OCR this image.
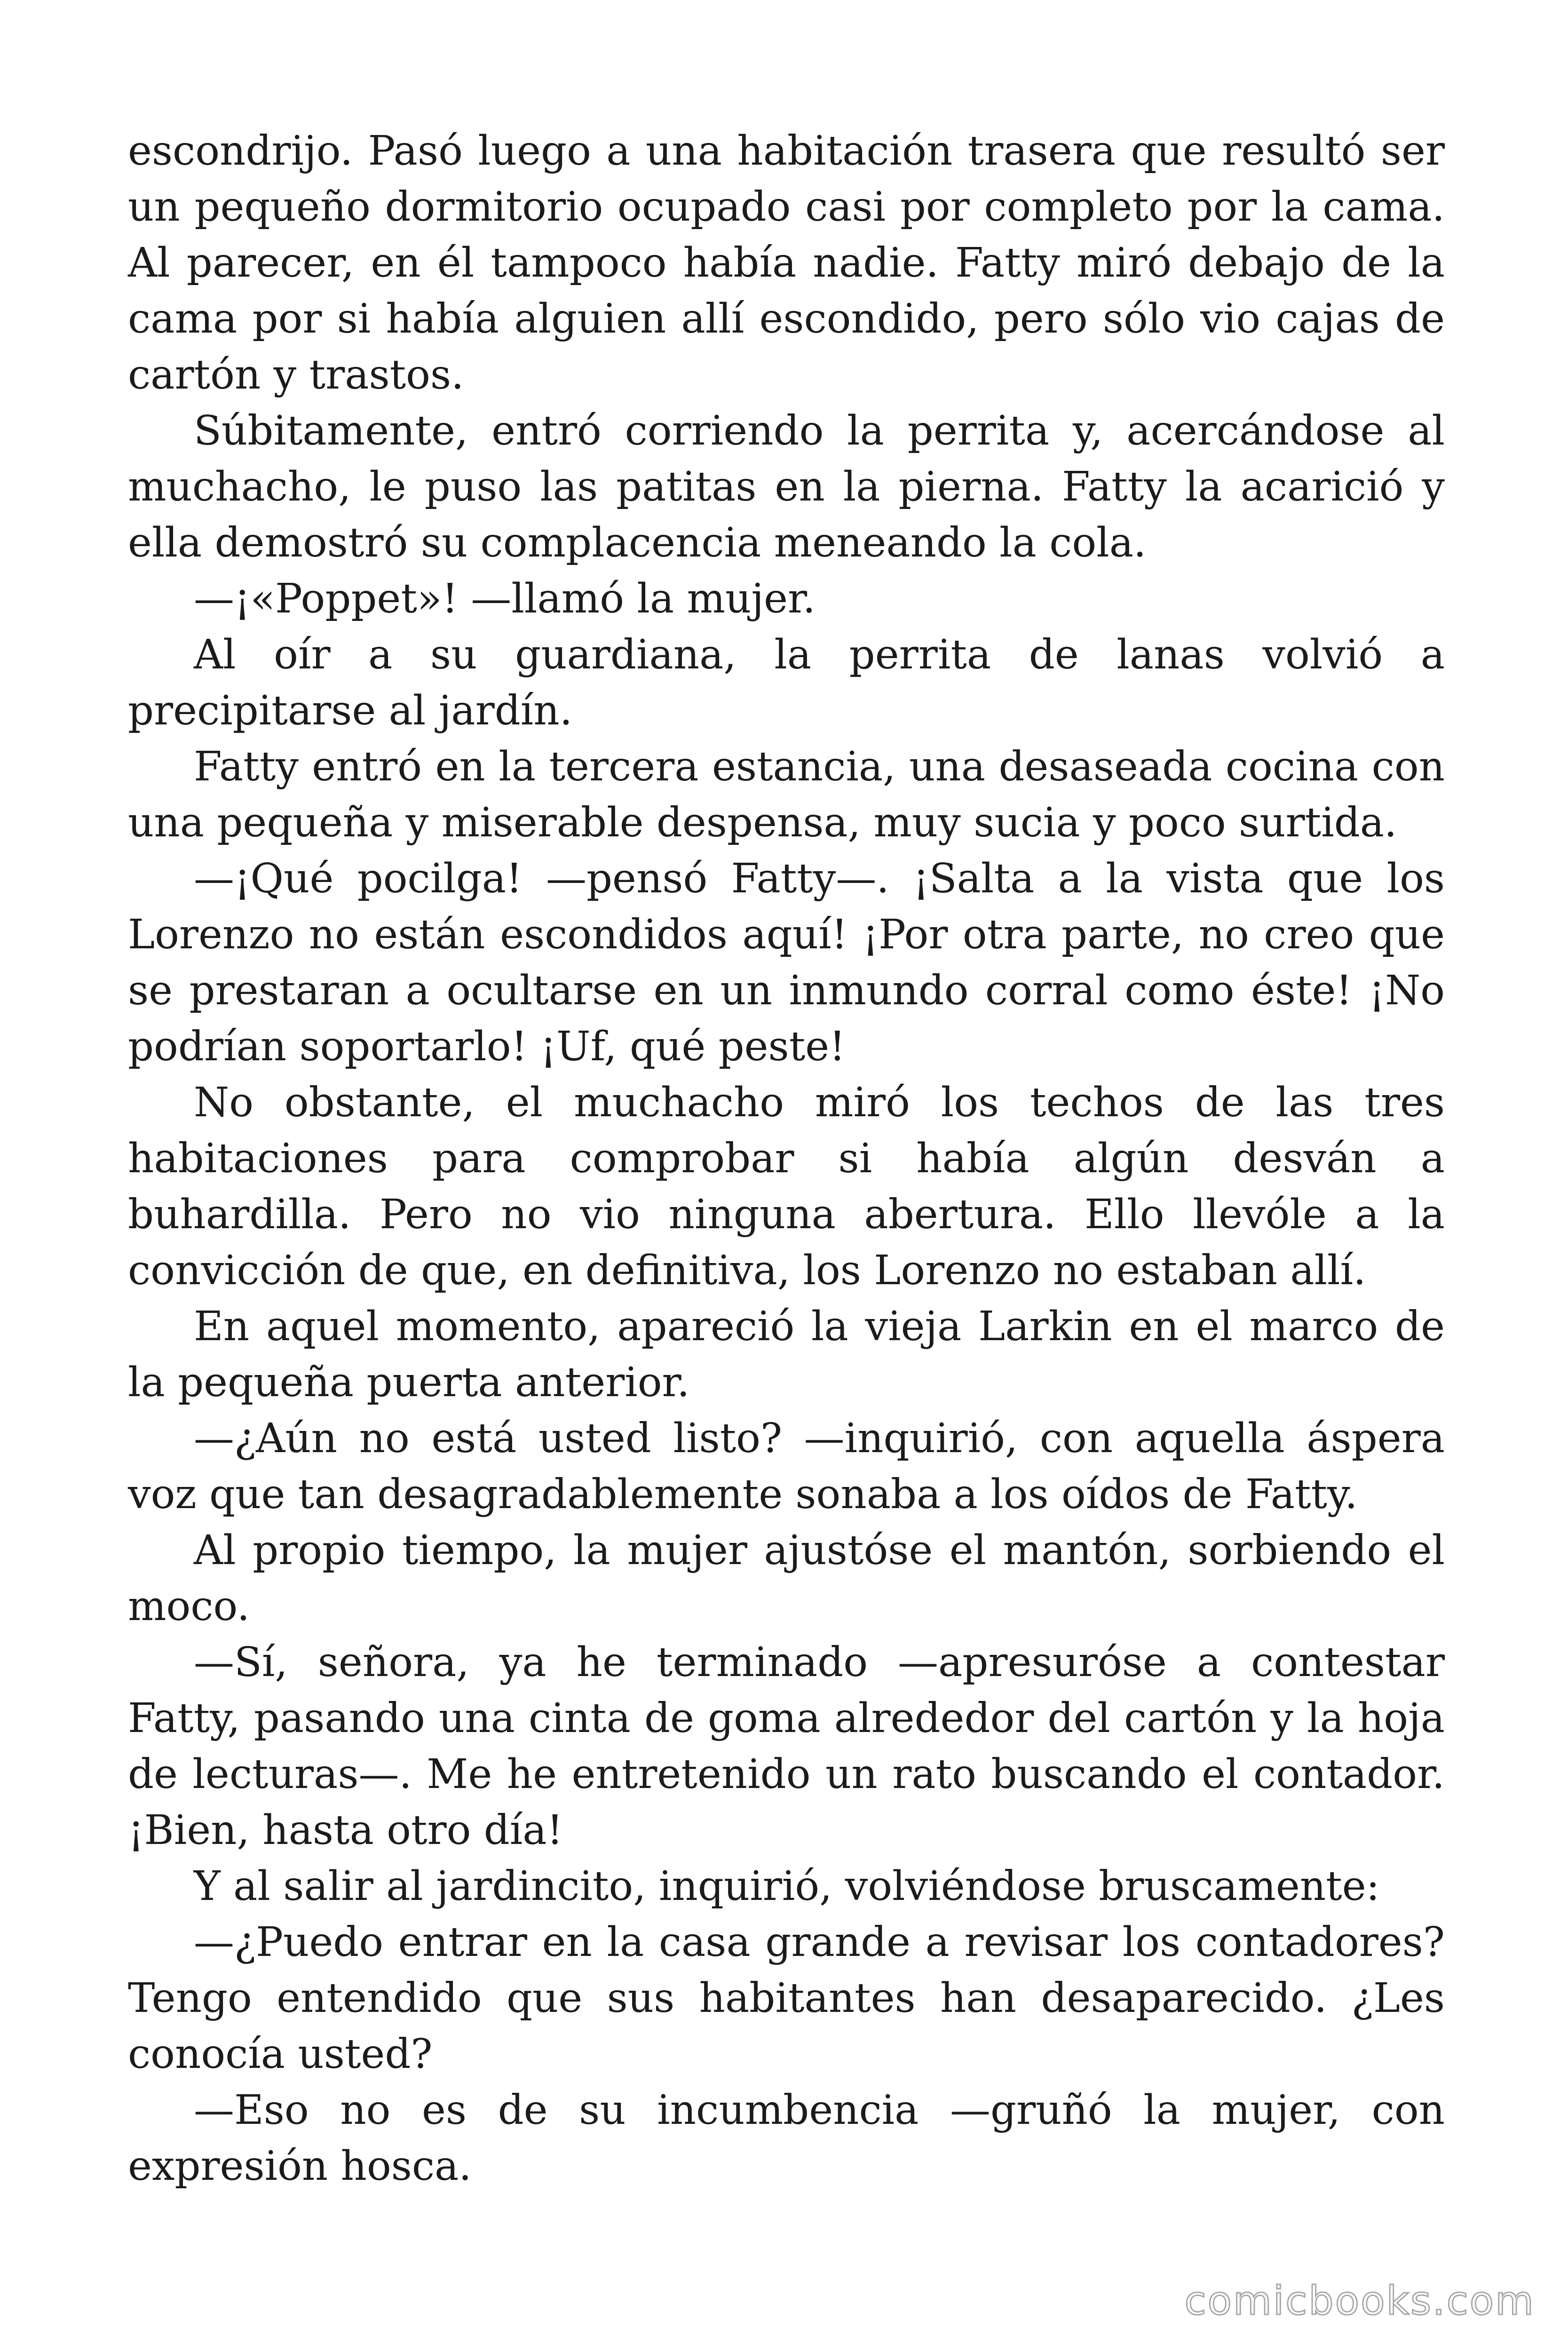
escondrijo. Pasó luego a una habitación trasera que resultó ser un pequeño dormitorio ocupado casi por completo por la cama. Al parecer, en él tampoco había nadie. Fatty miró debajo de la cama por si había alguien allí escondido, pero sólo vio cajas de cartón y trastos.

Súbitamente, entró corriendo la perrita y, acercándose al muchacho, le puso las patitas en la pierna. Fatty la acarició y ella demostró su complacencia meneando la cola.

—¡«Poppet»! —llamó la mujer.

Al oír a su guardiana, la perrita de lanas volvió a precipitarse al jardín.

Fatty entró en la tercera estancia, una desaseada cocina con una pequeña y miserable despensa, muy sucia y poco surtida.

—¡Qué pocilga! —pensó Fatty—. ¡Salta a la vista que los Lorenzo no están escondidos aquí! ¡Por otra parte, no creo que se prestaran a ocultarse en un inmundo corral como éste! ¡No podrían soportarlo! ¡Uf, qué peste!

No obstante, el muchacho miró los techos de las tres habitaciones para comprobar si había algún desván a buhardilla. Pero no vio ninguna abertura. Ello llevóle a la convicción de que, en definitiva, los Lorenzo no estaban allí.

En aquel momento, apareció la vieja Larkin en el marco de la pequeña puerta anterior.

—¿Aún no está usted listo? —inquirió, con aquella áspera voz que tan desagradablemente sonaba a los oídos de Fatty.

Al propio tiempo, la mujer ajustóse el mantón, sorbiendo el moco.

—Sí, señora, ya he terminado —apresuróse a contestar Fatty, pasando una cinta de goma alrededor del cartón y la hoja de lecturas—. Me he entretenido un rato buscando el contador. ¡Bien, hasta otro día!

Y al salir al jardincito, inquirió, volviéndose bruscamente:

—¿Puedo entrar en la casa grande a revisar los contadores? Tengo entendido que sus habitantes han desaparecido. ¿Les conocía usted?

—Eso no es de su incumbencia —gruñó la mujer, con expresión hosca.

comicbooks.com
